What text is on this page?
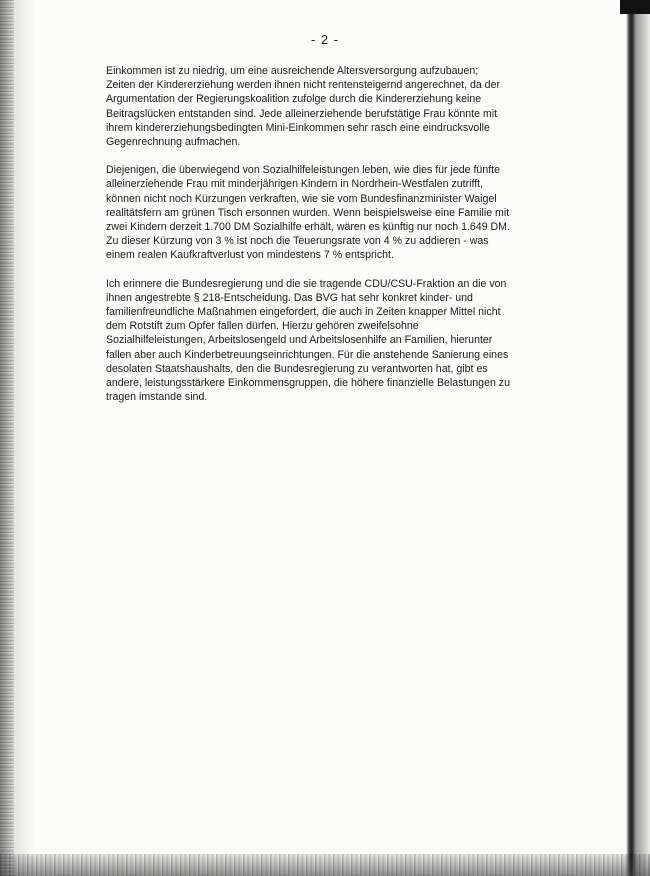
- 2 -

Einkommen ist zu niedrig, um eine ausreichende Altersversorgung aufzubauen;
Zeiten der Kindererziehung werden ihnen nicht rentensteigernd angerechnet, da der
Argumentation der Regierungskoalition zufolge durch die Kindererziehung keine
Beitragslücken entstanden sind. Jede alleinerziehende berufstätige Frau könnte mit
ihrem kindererziehungsbedingten Mini-Einkommen sehr rasch eine eindrucksvolle
Gegenrechnung aufmachen.

Diejenigen, die überwiegend von Sozialhilfeleistungen leben, wie dies für jede fünfte
alleinerziehende Frau mit minderjährigen Kindern in Nordrhein-Westfalen zutrifft,
können nicht noch Kürzungen verkraften, wie sie vom Bundesfinanzminister Waigel
realitätsfern am grünen Tisch ersonnen wurden. Wenn beispielsweise eine Familie mit
zwei Kindern derzeit 1.700 DM Sozialhilfe erhält, wären es künftig nur noch 1.649 DM.
Zu dieser Kürzung von 3 % ist noch die Teuerungsrate von 4 % zu addieren - was
einem realen Kaufkraftverlust von mindestens 7 % entspricht.

Ich erinnere die Bundesregierung und die sie tragende CDU/CSU-Fraktion an die von
ihnen angestrebte § 218-Entscheidung. Das BVG hat sehr konkret kinder- und
familienfreundliche Maßnahmen eingefordert, die auch in Zeiten knapper Mittel nicht
dem Rotstift zum Opfer fallen dürfen. Hierzu gehören zweifelsohne
Sozialhilfeleistungen, Arbeitslosengeld und Arbeitslosenhilfe an Familien, hierunter
fallen aber auch Kinderbetreuungseinrichtungen. Für die anstehende Sanierung eines
desolaten Staatshaushalts, den die Bundesregierung zu verantworten hat, gibt es
andere, leistungsstärkere Einkommensgruppen, die höhere finanzielle Belastungen zu
tragen imstande sind.
